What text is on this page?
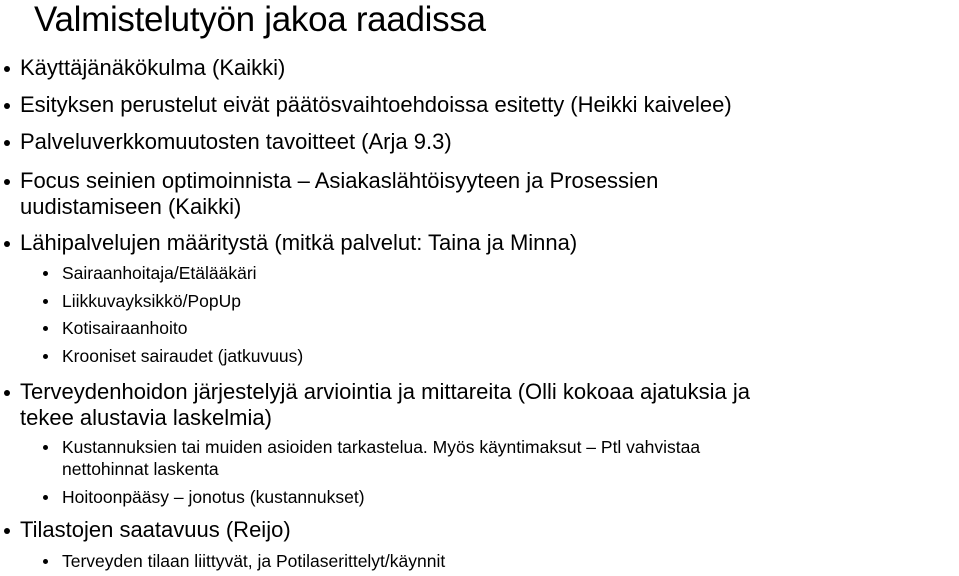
Valmistelutyön jakoa raadissa
Käyttäjänäkökulma (Kaikki)
Esityksen perustelut eivät päätösvaihtoehdoissa esitetty (Heikki kaivelee)
Palveluverkkomuutosten tavoitteet (Arja 9.3)
Focus seinien optimoinnista – Asiakaslähtöisyyteen ja Prosessien
uudistamiseen (Kaikki)
Lähipalvelujen määritystä (mitkä palvelut: Taina ja Minna)
Sairaanhoitaja/Etälääkäri
Liikkuvayksikkö/PopUp
Kotisairaanhoito
Krooniset sairaudet (jatkuvuus)
Terveydenhoidon järjestelyjä arviointia ja mittareita (Olli kokoaa ajatuksia ja
tekee alustavia laskelmia)
Kustannuksien tai muiden asioiden tarkastelua. Myös käyntimaksut – Ptl vahvistaa
nettohinnat laskenta
Hoitoonpääsy – jonotus (kustannukset)
Tilastojen saatavuus (Reijo)
Terveyden tilaan liittyvät, ja Potilaserittelyt/käynnit
